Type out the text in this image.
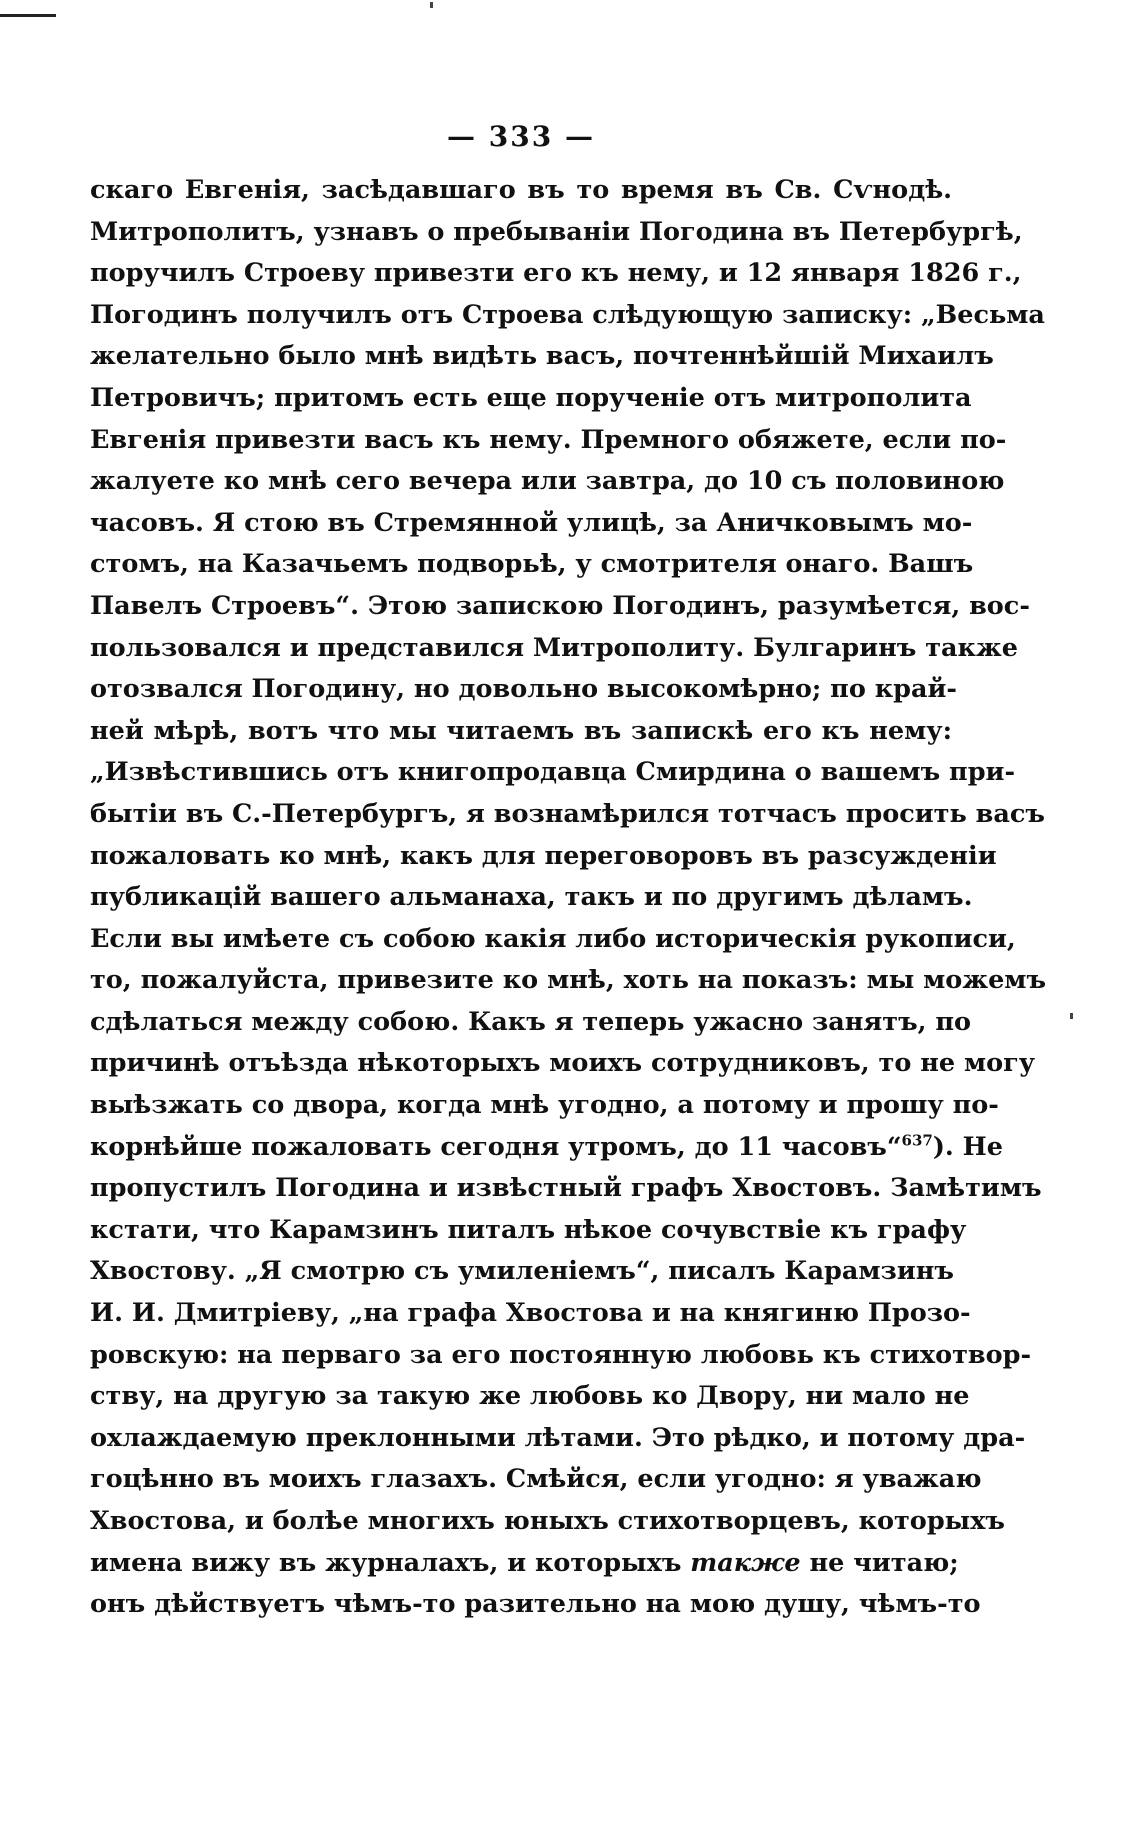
— 333 —
скаго Евгенія, засѣдавшаго въ то время въ Св. Сѵнодѣ.
Митрополитъ, узнавъ о пребываніи Погодина въ Петербургѣ,
поручилъ Строеву привезти его къ нему, и 12 января 1826 г.,
Погодинъ получилъ отъ Строева слѣдующую записку: „Весьма
желательно было мнѣ видѣть васъ, почтеннѣйшій Михаилъ
Петровичъ; притомъ есть еще порученіе отъ митрополита
Евгенія привезти васъ къ нему. Премного обяжете, если по-
жалуете ко мнѣ сего вечера или завтра, до 10 съ половиною
часовъ. Я стою въ Стремянной улицѣ, за Аничковымъ мо-
стомъ, на Казачьемъ подворьѣ, у смотрителя онаго. Вашъ
Павелъ Строевъ“. Этою запискою Погодинъ, разумѣется, вос-
пользовался и представился Митрополиту. Булгаринъ также
отозвался Погодину, но довольно высокомѣрно; по край-
ней мѣрѣ, вотъ что мы читаемъ въ запискѣ его къ нему:
„Извѣстившись отъ книгопродавца Смирдина о вашемъ при-
бытіи въ С.-Петербургъ, я вознамѣрился тотчасъ просить васъ
пожаловать ко мнѣ, какъ для переговоровъ въ разсужденіи
публикацій вашего альманаха, такъ и по другимъ дѣламъ.
Если вы имѣете съ собою какія либо историческія рукописи,
то, пожалуйста, привезите ко мнѣ, хоть на показъ: мы можемъ
сдѣлаться между собою. Какъ я теперь ужасно занятъ, по
причинѣ отъѣзда нѣкоторыхъ моихъ сотрудниковъ, то не могу
выѣзжать со двора, когда мнѣ угодно, а потому и прошу по-
корнѣйше пожаловать сегодня утромъ, до 11 часовъ“$^{637}$). Не
пропустилъ Погодина и извѣстный графъ Хвостовъ. Замѣтимъ
кстати, что Карамзинъ питалъ нѣкое сочувствіе къ графу
Хвостову. „Я смотрю съ умиленіемъ“, писалъ Карамзинъ
И. И. Дмитріеву, „на графа Хвостова и на княгиню Прозо-
ровскую: на перваго за его постоянную любовь къ стихотвор-
ству, на другую за такую же любовь ко Двору, ни мало не
охлаждаемую преклонными лѣтами. Это рѣдко, и потому дра-
гоцѣнно въ моихъ глазахъ. Смѣйся, если угодно: я уважаю
Хвостова, и болѣе многихъ юныхъ стихотворцевъ, которыхъ
имена вижу въ журналахъ, и которыхъ также не читаю;
онъ дѣйствуетъ чѣмъ-то разительно на мою душу, чѣмъ-то
